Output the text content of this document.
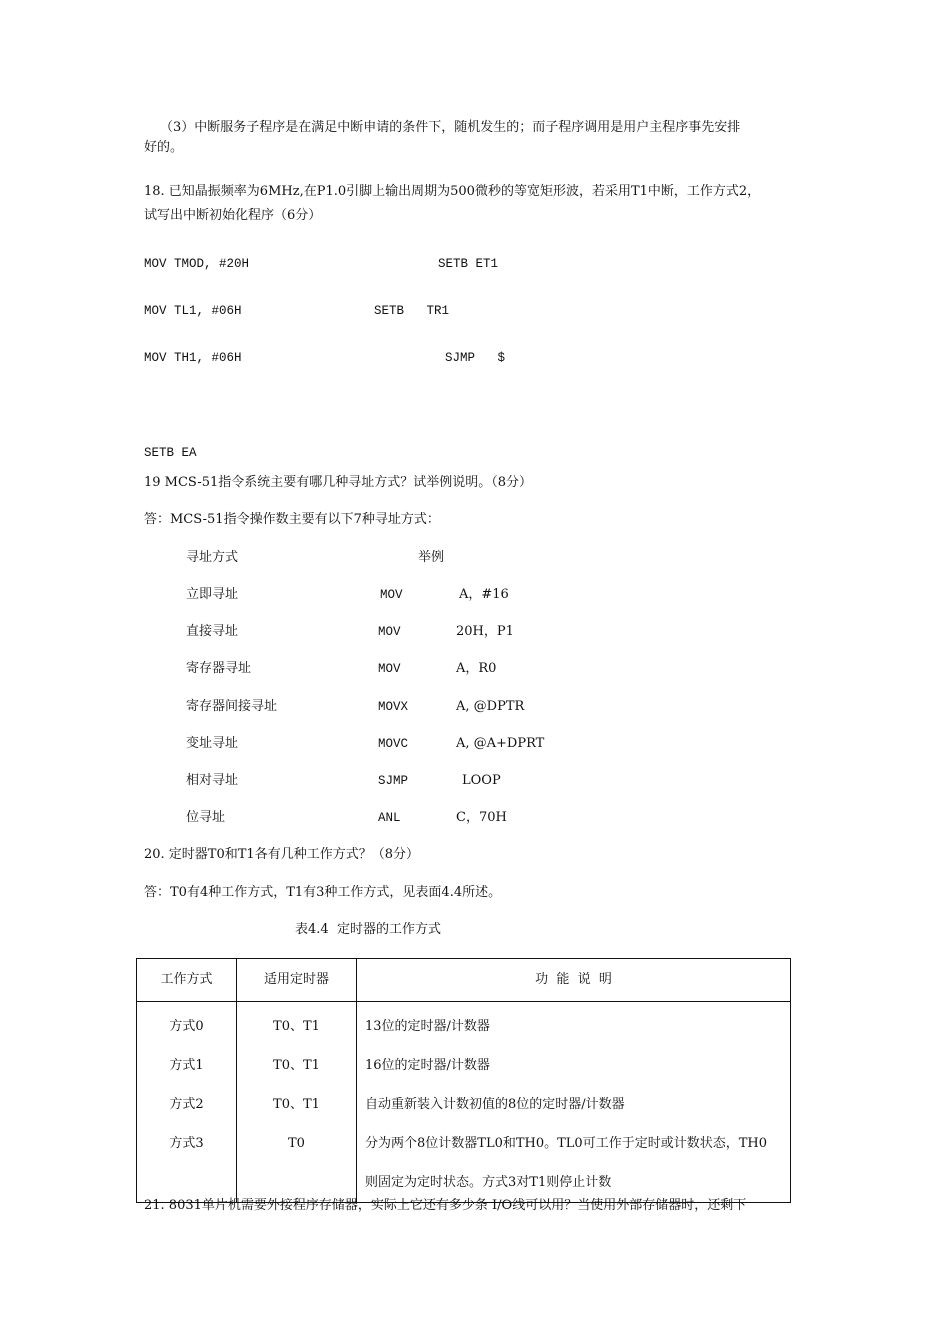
（3）中断服务子程序是在满足中断申请的条件下，随机发生的；而子程序调用是用户主程序事先安排
好的。
18. 已知晶振频率为6MHz,在P1.0引脚上输出周期为500微秒的等宽矩形波，若采用T1中断，工作方式2，
试写出中断初始化程序（6分）
MOV TMOD, #20H	SETB ET1
MOV TL1, #06H	SETB   TR1
MOV TH1, #06H	SJMP   $
SETB EA
19 MCS-51指令系统主要有哪几种寻址方式？试举例说明。（8分）
答：MCS-51指令操作数主要有以下7种寻址方式：
寻址方式	举例
立即寻址	MOV	A，#16
直接寻址	MOV	20H，P1
寄存器寻址	MOV	A，R0
寄存器间接寻址	MOVX	A, @DPTR
变址寻址	MOVC	A, @A+DPRT
相对寻址	SJMP	LOOP
位寻址	ANL	C，70H
20. 定时器T0和T1各有几种工作方式？（8分）
答：T0有4种工作方式，T1有3种工作方式，见表面4.4所述。
表4.4  定时器的工作方式
工作方式	适用定时器	功  能  说  明
方式0	T0、T1	13位的定时器/计数器
方式1	T0、T1	16位的定时器/计数器
方式2	T0、T1	自动重新装入计数初值的8位的定时器/计数器
方式3	T0	分为两个8位计数器TL0和TH0。TL0可工作于定时或计数状态，TH0
		则固定为定时状态。方式3对T1则停止计数
21. 8031单片机需要外接程序存储器，实际上它还有多少条 I/O线可以用？当使用外部存储器时，还剩下
